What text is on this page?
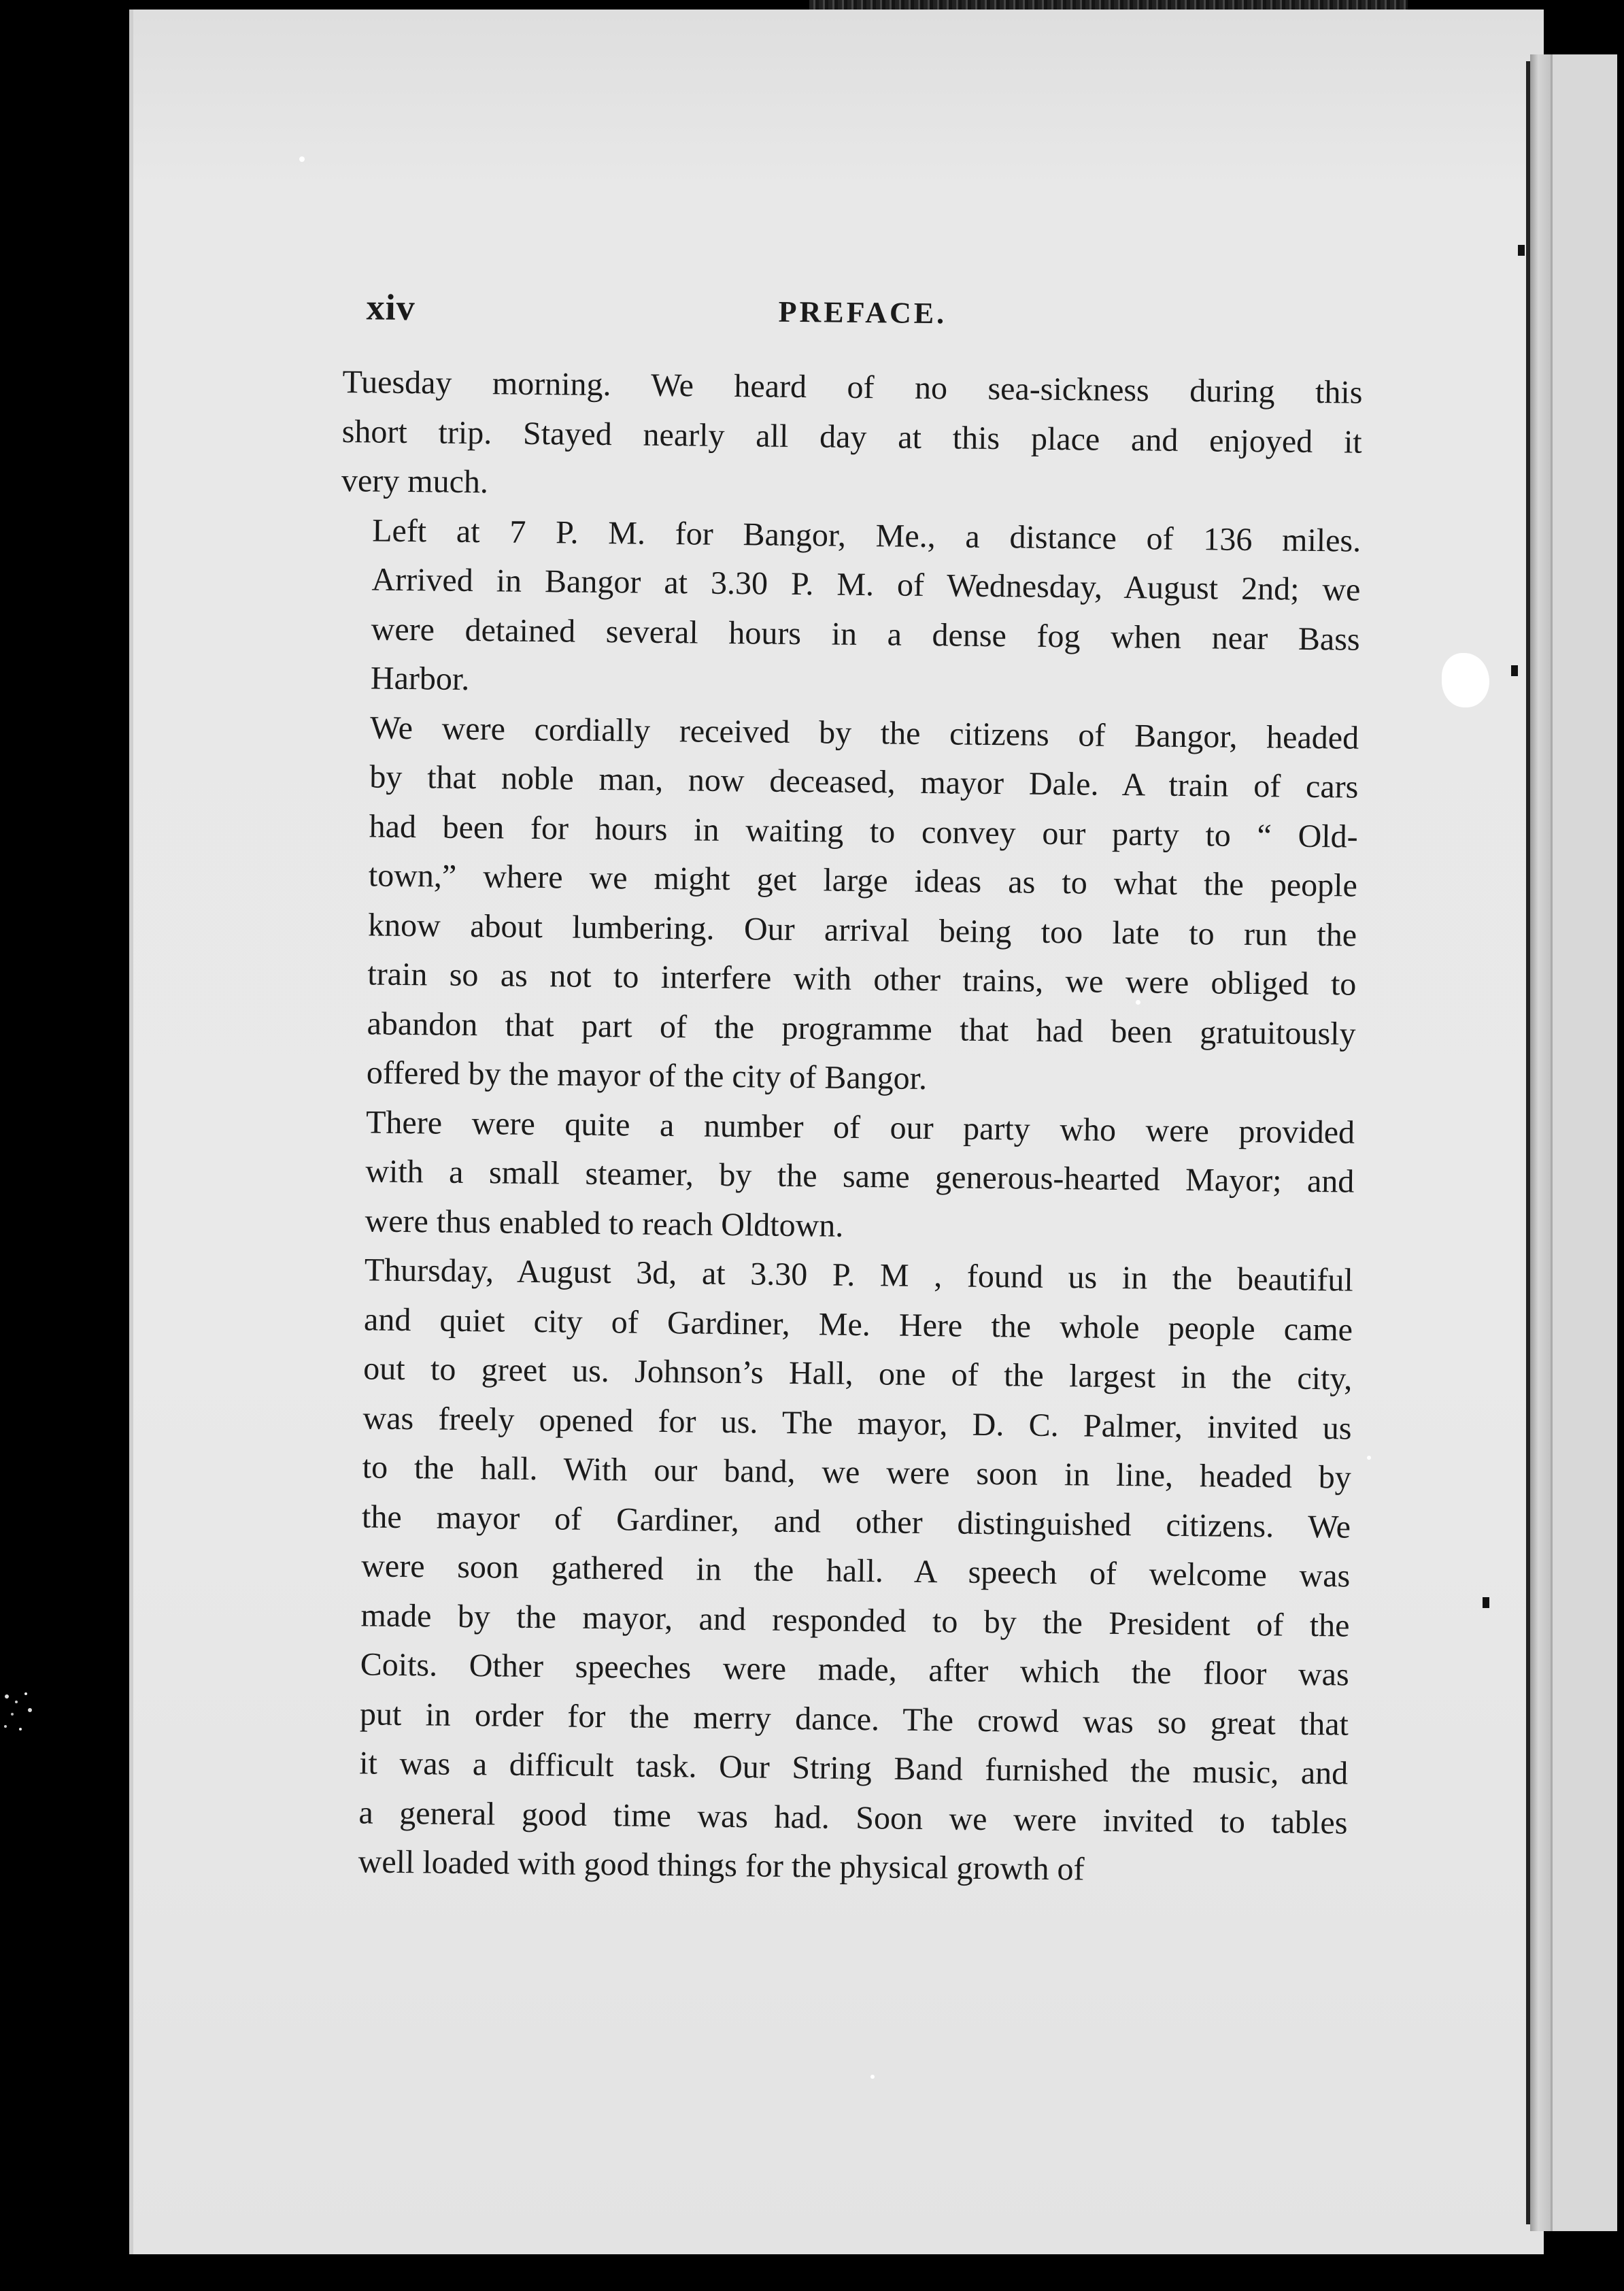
xiv	PREFACE.

Tuesday morning. We heard of no sea-sickness during this
short trip. Stayed nearly all day at this place and enjoyed it
very much.

Left at 7 P. M. for Bangor, Me., a distance of 136 miles.
Arrived in Bangor at 3.30 P. M. of Wednesday, August 2nd; we
were detained several hours in a dense fog when near Bass
Harbor.

We were cordially received by the citizens of Bangor, headed
by that noble man, now deceased, mayor Dale. A train of cars
had been for hours in waiting to convey our party to “ Old-
town,” where we might get large ideas as to what the people
know about lumbering. Our arrival being too late to run the
train so as not to interfere with other trains, we were obliged to
abandon that part of the programme that had been gratuitously
offered by the mayor of the city of Bangor.

There were quite a number of our party who were provided
with a small steamer, by the same generous-hearted Mayor; and
were thus enabled to reach Oldtown.

Thursday, August 3d, at 3.30 P. M , found us in the beautiful
and quiet city of Gardiner, Me. Here the whole people came
out to greet us. Johnson’s Hall, one of the largest in the city,
was freely opened for us. The mayor, D. C. Palmer, invited us
to the hall. With our band, we were soon in line, headed by
the mayor of Gardiner, and other distinguished citizens. We
were soon gathered in the hall. A speech of welcome was
made by the mayor, and responded to by the President of the
Coits. Other speeches were made, after which the floor was
put in order for the merry dance. The crowd was so great that
it was a difficult task. Our String Band furnished the music, and
a general good time was had. Soon we were invited to tables
well loaded with good things for the physical growth of
